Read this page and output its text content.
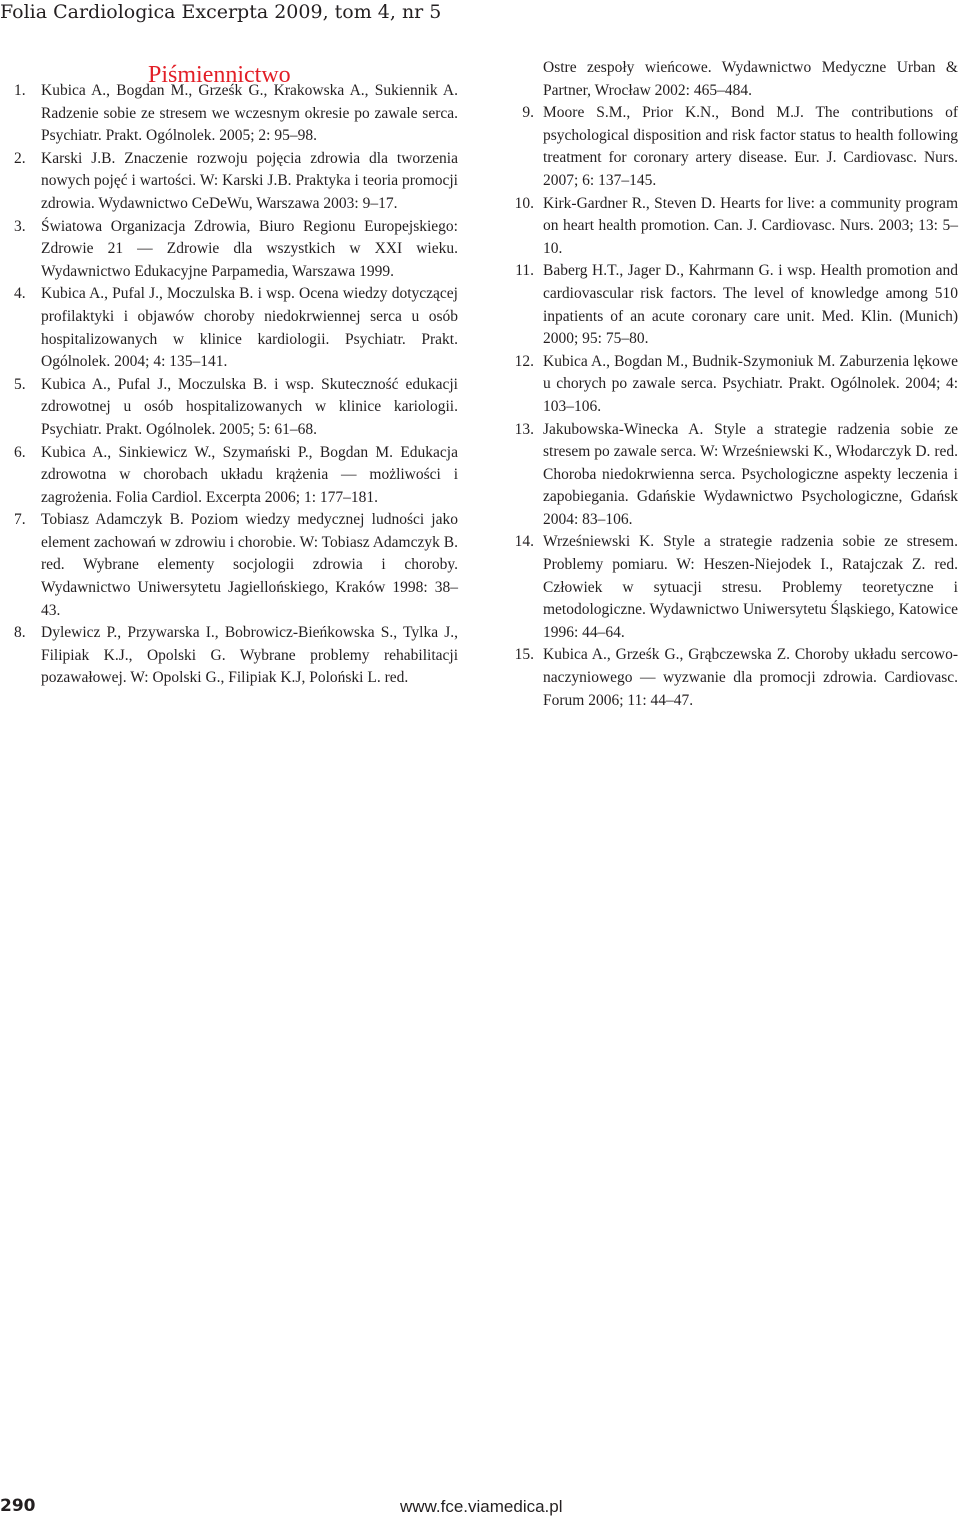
Folia Cardiologica Excerpta 2009, tom 4, nr 5
Piśmiennictwo
1. Kubica A., Bogdan M., Grześk G., Krakowska A., Sukiennik A. Radzenie sobie ze stresem we wczesnym okresie po zawale serca. Psychiatr. Prakt. Ogólnolek. 2005; 2: 95–98.
2. Karski J.B. Znaczenie rozwoju pojęcia zdrowia dla tworzenia nowych pojęć i wartości. W: Karski J.B. Praktyka i teoria promocji zdrowia. Wydawnictwo CeDeWu, Warszawa 2003: 9–17.
3. Światowa Organizacja Zdrowia, Biuro Regionu Europejskiego: Zdrowie 21 — Zdrowie dla wszystkich w XXI wieku. Wydawnictwo Edukacyjne Parpamedia, Warszawa 1999.
4. Kubica A., Pufal J., Moczulska B. i wsp. Ocena wiedzy dotyczącej profilaktyki i objawów choroby niedokrwiennej serca u osób hospitalizowanych w klinice kardiologii. Psychiatr. Prakt. Ogólnolek. 2004; 4: 135–141.
5. Kubica A., Pufal J., Moczulska B. i wsp. Skuteczność edukacji zdrowotnej u osób hospitalizowanych w klinice kariologii. Psychiatr. Prakt. Ogólnolek. 2005; 5: 61–68.
6. Kubica A., Sinkiewicz W., Szymański P., Bogdan M. Edukacja zdrowotna w chorobach układu krążenia — możliwości i zagrożenia. Folia Cardiol. Excerpta 2006; 1: 177–181.
7. Tobiasz Adamczyk B. Poziom wiedzy medycznej ludności jako element zachowań w zdrowiu i chorobie. W: Tobiasz Adamczyk B. red. Wybrane elementy socjologii zdrowia i choroby. Wydawnictwo Uniwersytetu Jagiellońskiego, Kraków 1998: 38–43.
8. Dylewicz P., Przywarska I., Bobrowicz-Bieńkowska S., Tylka J., Filipiak K.J., Opolski G. Wybrane problemy rehabilitacji pozawałowej. W: Opolski G., Filipiak K.J, Poloński L. red.

Ostre zespoły wieńcowe. Wydawnictwo Medyczne Urban & Partner, Wrocław 2002: 465–484.

9. Moore S.M., Prior K.N., Bond M.J. The contributions of psychological disposition and risk factor status to health following treatment for coronary artery disease. Eur. J. Cardiovasc. Nurs. 2007; 6: 137–145.
10. Kirk-Gardner R., Steven D. Hearts for live: a community program on heart health promotion. Can. J. Cardiovasc. Nurs. 2003; 13: 5–10.
11. Baberg H.T., Jager D., Kahrmann G. i wsp. Health promotion and cardiovascular risk factors. The level of knowledge among 510 inpatients of an acute coronary care unit. Med. Klin. (Munich) 2000; 95: 75–80.
12. Kubica A., Bogdan M., Budnik-Szymoniuk M. Zaburzenia lękowe u chorych po zawale serca. Psychiatr. Prakt. Ogólnolek. 2004; 4: 103–106.
13. Jakubowska-Winecka A. Style a strategie radzenia sobie ze stresem po zawale serca. W: Wrześniewski K., Włodarczyk D. red. Choroba niedokrwienna serca. Psychologiczne aspekty leczenia i zapobiegania. Gdańskie Wydawnictwo Psychologiczne, Gdańsk 2004: 83–106.
14. Wrześniewski K. Style a strategie radzenia sobie ze stresem. Problemy pomiaru. W: Heszen-Niejodek I., Ratajczak Z. red. Człowiek w sytuacji stresu. Problemy teoretyczne i metodologiczne. Wydawnictwo Uniwersytetu Śląskiego, Katowice 1996: 44–64.
15. Kubica A., Grześk G., Grąbczewska Z. Choroby układu sercowo-naczyniowego — wyzwanie dla promocji zdrowia. Cardiovasc. Forum 2006; 11: 44–47.
290	www.fce.viamedica.pl
